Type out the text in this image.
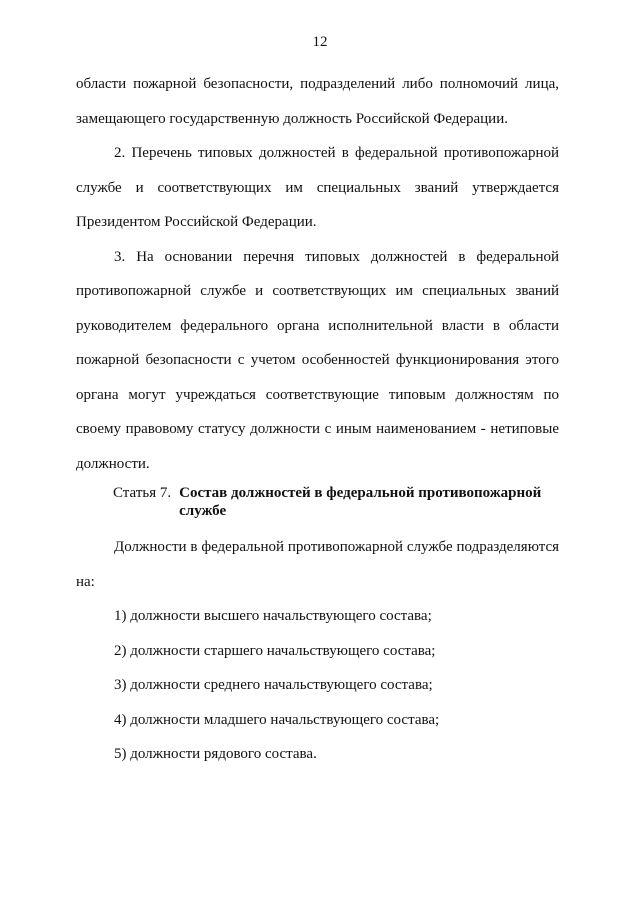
12

области пожарной безопасности, подразделений либо полномочий лица, замещающего государственную должность Российской Федерации.

2. Перечень типовых должностей в федеральной противопожарной службе и соответствующих им специальных званий утверждается Президентом Российской Федерации.

3. На основании перечня типовых должностей в федеральной противопожарной службе и соответствующих им специальных званий руководителем федерального органа исполнительной власти в области пожарной безопасности с учетом особенностей функционирования этого органа могут учреждаться соответствующие типовым должностям по своему правовому статусу должности с иным наименованием - нетиповые должности.

Статья 7. Состав должностей в федеральной противопожарной службе

Должности в федеральной противопожарной службе подразделяются на:

1) должности высшего начальствующего состава;

2) должности старшего начальствующего состава;

3) должности среднего начальствующего состава;

4) должности младшего начальствующего состава;

5) должности рядового состава.
